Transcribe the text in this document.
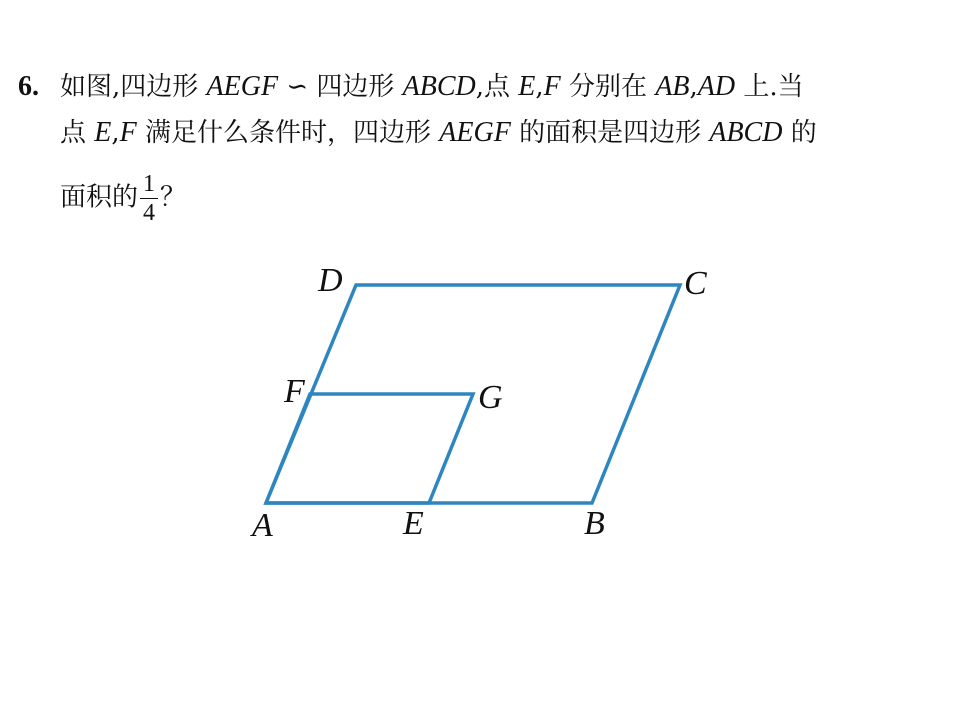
6. 如图,四边形 AEGF ∽ 四边形 ABCD,点 E,F 分别在 AB,AD 上.当
点 E,F 满足什么条件时，四边形 AEGF 的面积是四边形 ABCD 的
面积的 $\frac{1}{4}$ ？
A	B
C
D
E
F	G
